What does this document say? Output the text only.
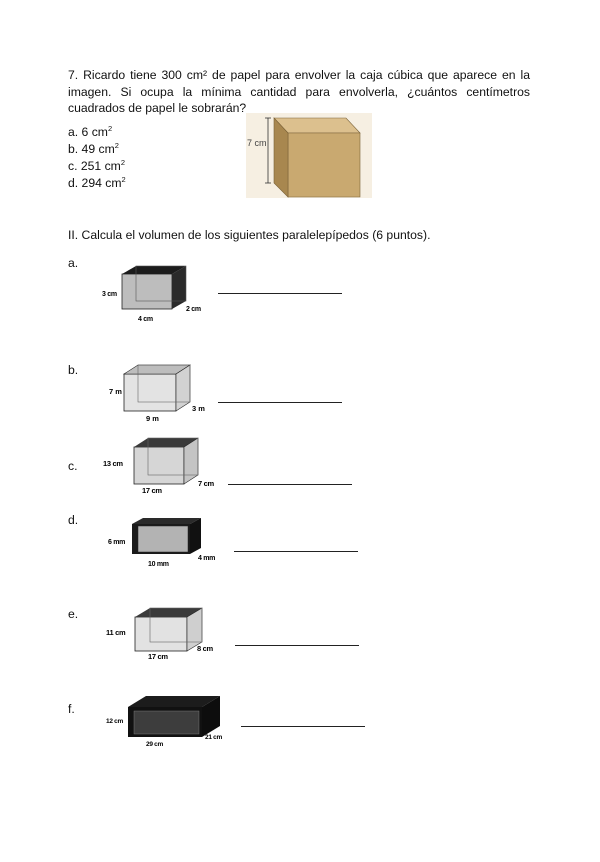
7. Ricardo tiene 300 cm² de papel para envolver la caja cúbica que aparece en la imagen. Si ocupa la mínima cantidad para envolverla, ¿cuántos centímetros cuadrados de papel le sobrarán?
a. 6 $cm^2$
b. 49 $cm^2$
c. 251 $cm^2$
d. 294 $cm^2$
7 cm
II. Calcula el volumen de los siguientes paralelepípedos (6 puntos).
a.
3 cm
4 cm
2 cm
b.
7 m
9 m
3 m
c.	13 cm
17 cm
7 cm
d.
6 mm
10 mm
4 mm
e.
11 cm
17 cm
8 cm
f.
12 cm
29 cm
21 cm
